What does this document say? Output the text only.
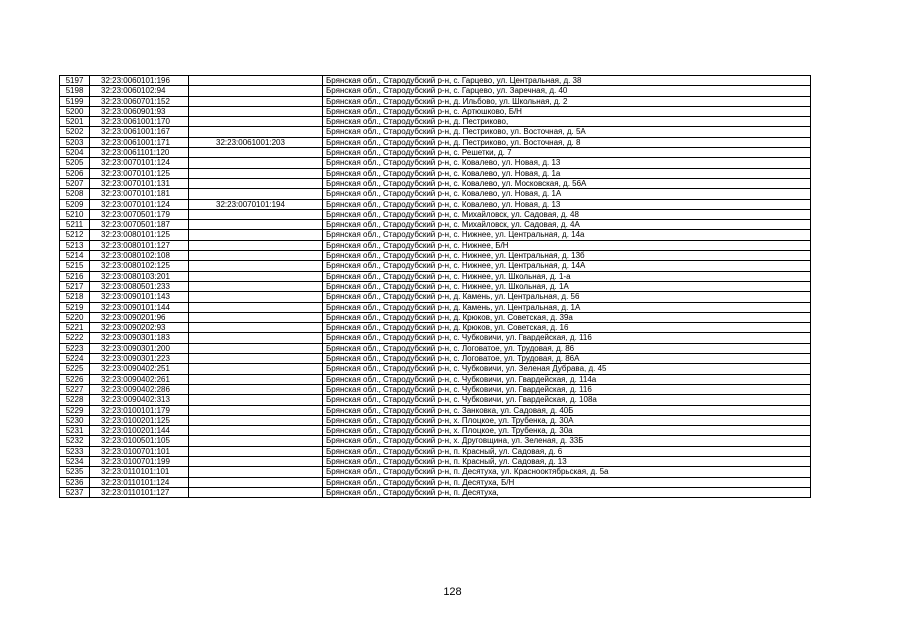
5197	32:23:0060101:196		Брянская обл., Стародубский р-н, с. Гарцево, ул. Центральная, д. 38
5198	32:23:0060102:94		Брянская обл., Стародубский р-н, с. Гарцево, ул. Заречная, д. 40
5199	32:23:0060701:152		Брянская обл., Стародубский р-н, д. Ильбово, ул. Школьная, д. 2
5200	32:23:0060901:93		Брянская обл., Стародубский р-н, с. Артюшково, Б/Н
5201	32:23:0061001:170		Брянская обл., Стародубский р-н, д. Пестриково,
5202	32:23:0061001:167		Брянская обл., Стародубский р-н, д. Пестриково, ул. Восточная, д. 5А
5203	32:23:0061001:171	32:23:0061001:203	Брянская обл., Стародубский р-н, д. Пестриково, ул. Восточная, д. 8
5204	32:23:0061101:120		Брянская обл., Стародубский р-н, с. Решетки, д. 7
5205	32:23:0070101:124		Брянская обл., Стародубский р-н, с. Ковалево, ул. Новая, д. 13
5206	32:23:0070101:125		Брянская обл., Стародубский р-н, с. Ковалево, ул. Новая, д. 1а
5207	32:23:0070101:131		Брянская обл., Стародубский р-н, с. Ковалево, ул. Московская, д. 56А
5208	32:23:0070101:181		Брянская обл., Стародубский р-н, с. Ковалево, ул. Новая, д. 1А
5209	32:23:0070101:124	32:23:0070101:194	Брянская обл., Стародубский р-н, с. Ковалево, ул. Новая, д. 13
5210	32:23:0070501:179		Брянская обл., Стародубский р-н, с. Михайловск, ул. Садовая, д. 48
5211	32:23:0070501:187		Брянская обл., Стародубский р-н, с. Михайловск, ул. Садовая, д. 4А
5212	32:23:0080101:125		Брянская обл., Стародубский р-н, с. Нижнее, ул. Центральная, д. 14а
5213	32:23:0080101:127		Брянская обл., Стародубский р-н, с. Нижнее, Б/Н
5214	32:23:0080102:108		Брянская обл., Стародубский р-н, с. Нижнее, ул. Центральная, д. 13б
5215	32:23:0080102:125		Брянская обл., Стародубский р-н, с. Нижнее, ул. Центральная, д. 14А
5216	32:23:0080103:201		Брянская обл., Стародубский р-н, с. Нижнее, ул. Школьная, д. 1-а
5217	32:23:0080501:233		Брянская обл., Стародубский р-н, с. Нижнее, ул. Школьная, д. 1А
5218	32:23:0090101:143		Брянская обл., Стародубский р-н, д. Камень, ул. Центральная, д. 56
5219	32:23:0090101:144		Брянская обл., Стародубский р-н, д. Камень, ул. Центральная, д. 1А
5220	32:23:0090201:96		Брянская обл., Стародубский р-н, д. Крюков, ул. Советская, д. 39а
5221	32:23:0090202:93		Брянская обл., Стародубский р-н, д. Крюков, ул. Советская, д. 16
5222	32:23:0090301:183		Брянская обл., Стародубский р-н, с. Чубковичи, ул. Гвардейская, д. 116
5223	32:23:0090301:200		Брянская обл., Стародубский р-н, с. Логоватое, ул. Трудовая, д. 86
5224	32:23:0090301:223		Брянская обл., Стародубский р-н, с. Логоватое, ул. Трудовая, д. 86А
5225	32:23:0090402:251		Брянская обл., Стародубский р-н, с. Чубковичи, ул. Зеленая Дубрава, д. 45
5226	32:23:0090402:261		Брянская обл., Стародубский р-н, с. Чубковичи, ул. Гвардейская, д. 114а
5227	32:23:0090402:286		Брянская обл., Стародубский р-н, с. Чубковичи, ул. Гвардейская, д. 116
5228	32:23:0090402:313		Брянская обл., Стародубский р-н, с. Чубковичи, ул. Гвардейская, д. 108а
5229	32:23:0100101:179		Брянская обл., Стародубский р-н, с. Занковка, ул. Садовая, д. 40Б
5230	32:23:0100201:125		Брянская обл., Стародубский р-н, х. Плоцкое, ул. Трубенка, д. 30А
5231	32:23:0100201:144		Брянская обл., Стародубский р-н, х. Плоцкое, ул. Трубенка, д. 30а
5232	32:23:0100501:105		Брянская обл., Стародубский р-н, х. Друговщина, ул. Зеленая, д. 33Б
5233	32:23:0100701:101		Брянская обл., Стародубский р-н, п. Красный, ул. Садовая, д. 6
5234	32:23:0100701:199		Брянская обл., Стародубский р-н, п. Красный, ул. Садовая, д. 13
5235	32:23:0110101:101		Брянская обл., Стародубский р-н, п. Десятуха, ул. Краснооктябрьская, д. 5а
5236	32:23:0110101:124		Брянская обл., Стародубский р-н, п. Десятуха, Б/Н
5237	32:23:0110101:127		Брянская обл., Стародубский р-н, п. Десятуха,
128
